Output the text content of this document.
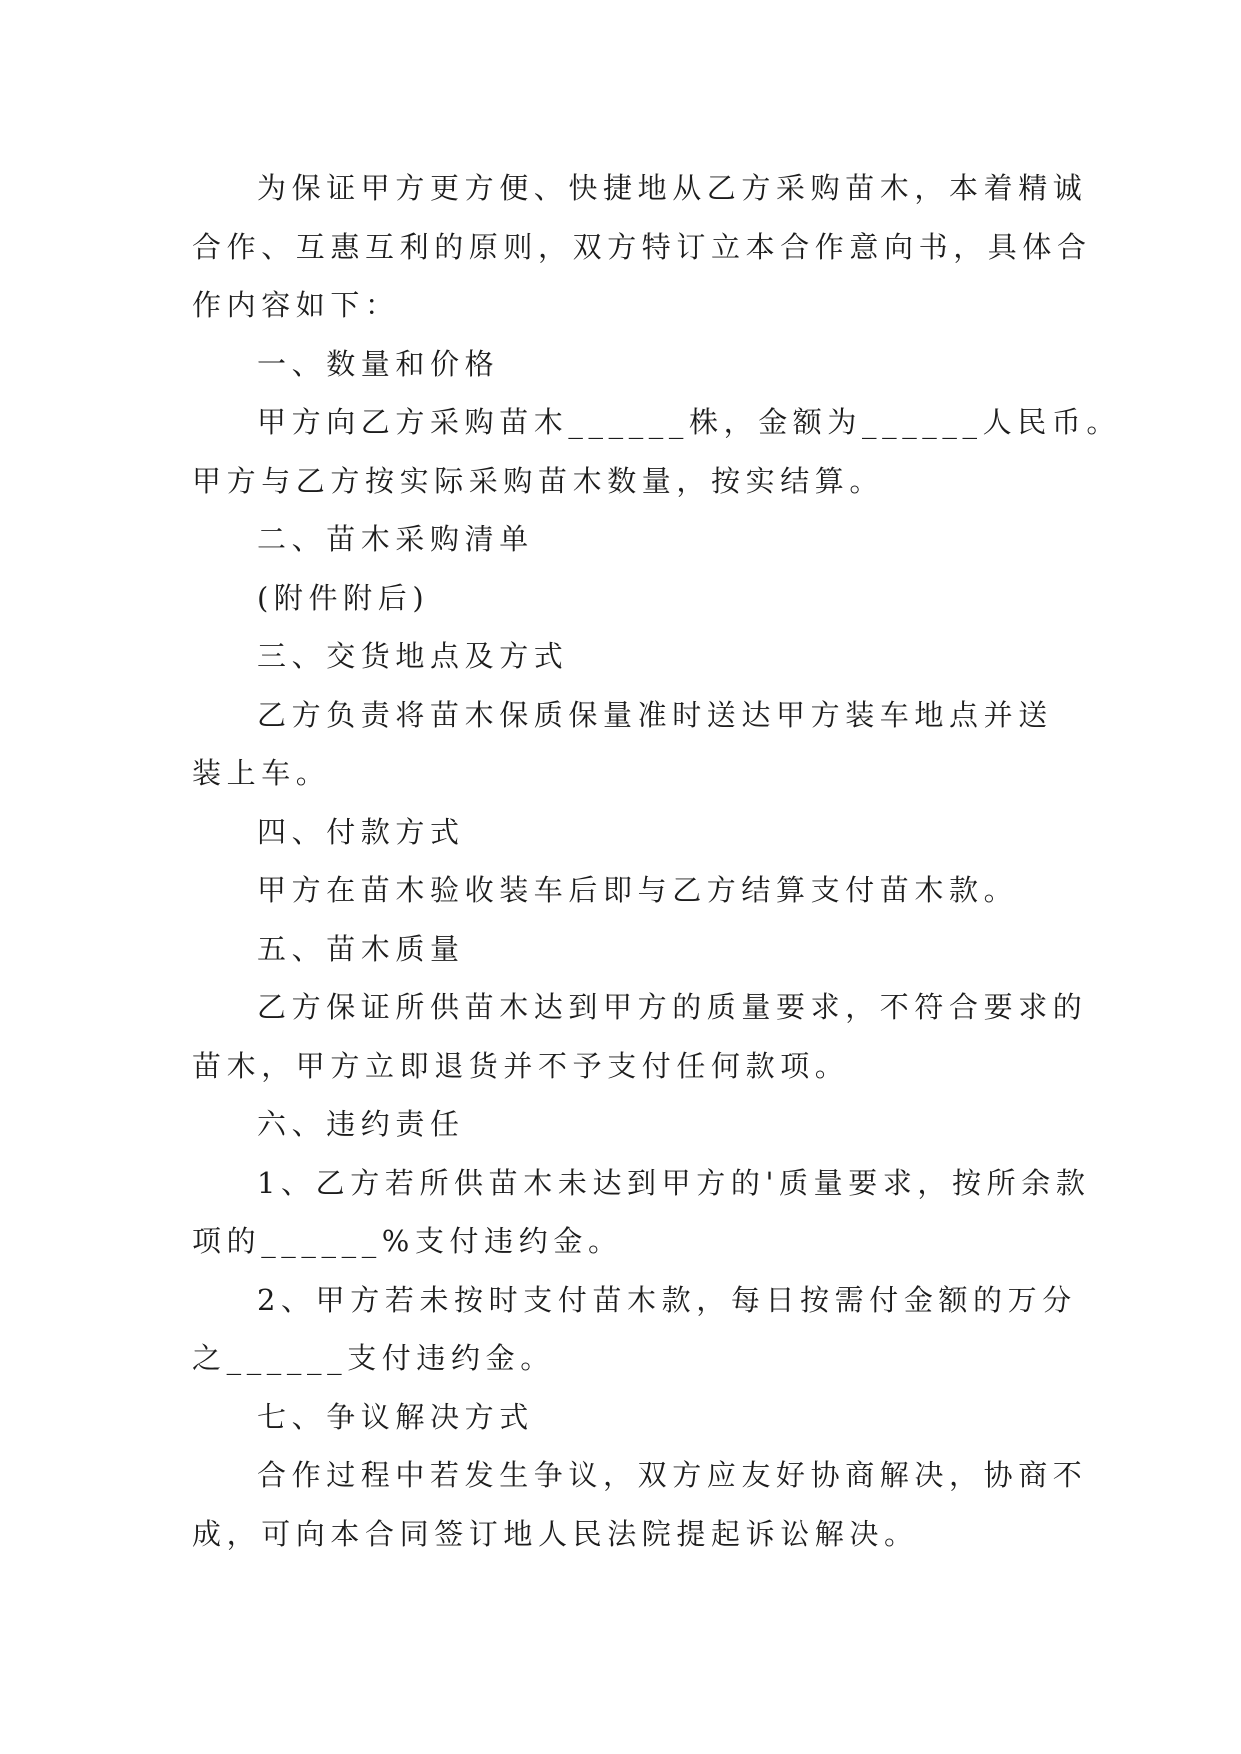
为保证甲方更方便、快捷地从乙方采购苗木，本着精诚
合作、互惠互利的原则，双方特订立本合作意向书，具体合
作内容如下：
一、数量和价格
甲方向乙方采购苗木______株，金额为______人民币。
甲方与乙方按实际采购苗木数量，按实结算。
二、苗木采购清单
(附件附后)
三、交货地点及方式
乙方负责将苗木保质保量准时送达甲方装车地点并送
装上车。
四、付款方式
甲方在苗木验收装车后即与乙方结算支付苗木款。
五、苗木质量
乙方保证所供苗木达到甲方的质量要求，不符合要求的
苗木，甲方立即退货并不予支付任何款项。
六、违约责任
1、乙方若所供苗木未达到甲方的'质量要求，按所余款
项的______%支付违约金。
2、甲方若未按时支付苗木款，每日按需付金额的万分
之______支付违约金。
七、争议解决方式
合作过程中若发生争议，双方应友好协商解决，协商不
成，可向本合同签订地人民法院提起诉讼解决。
